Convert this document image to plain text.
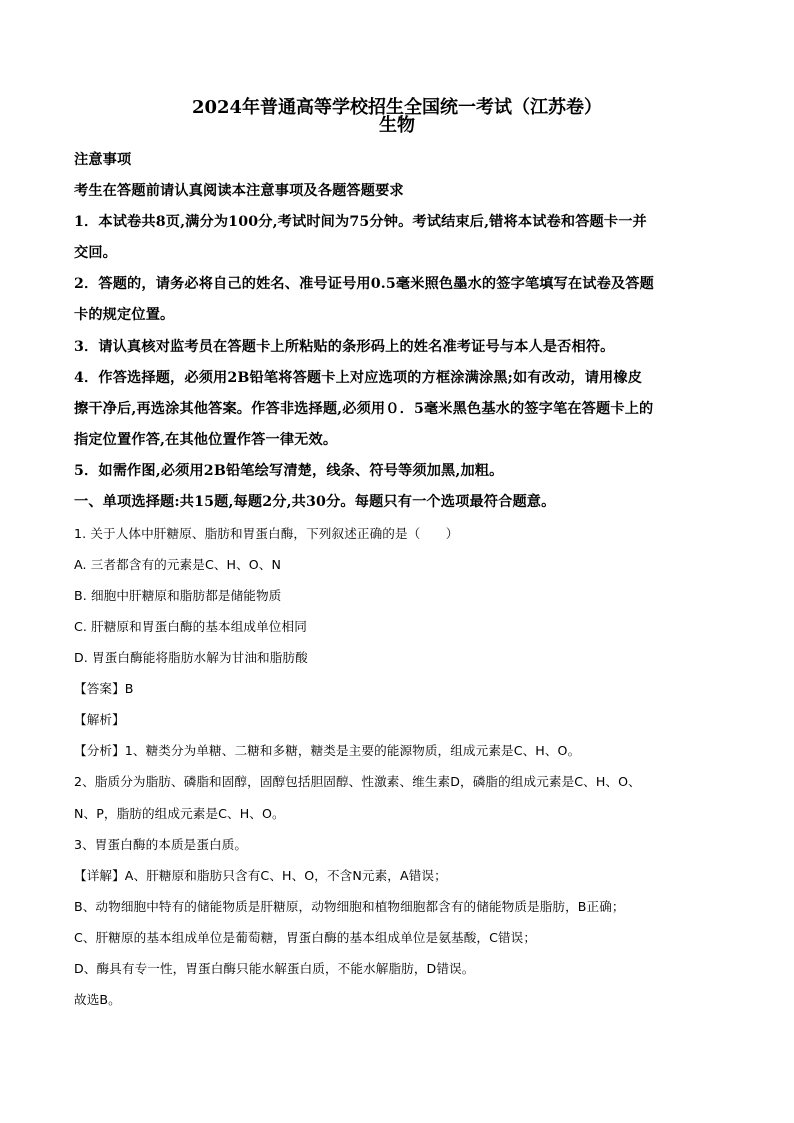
2024年普通高等学校招生全国统一考试（江苏卷）
生物
注意事项
考生在答题前请认真阅读本注意事项及各题答题要求
1．本试卷共8页,满分为100分,考试时间为75分钟。考试结束后,错将本试卷和答题卡一并
交回。
2．答题的，请务必将自己的姓名、准号证号用0.5毫米照色墨水的签字笔填写在试卷及答题
卡的规定位置。
3．请认真核对监考员在答题卡上所粘贴的条形码上的姓名准考证号与本人是否相符。
4．作答选择题，必须用2B铅笔将答题卡上对应选项的方框涂满涂黑;如有改动，请用橡皮
擦干净后,再选涂其他答案。作答非选择题,必须用０．5毫米黑色基水的签字笔在答题卡上的
指定位置作答,在其他位置作答一律无效。
5．如需作图,必须用2B铅笔绘写清楚，线条、符号等须加黑,加粗。
一、单项选择题:共15题,每题2分,共30分。每题只有一个选项最符合题意。
1. 关于人体中肝糖原、脂肪和胃蛋白酶，下列叙述正确的是（　　）
A. 三者都含有的元素是C、H、O、N
B. 细胞中肝糖原和脂肪都是储能物质
C. 肝糖原和胃蛋白酶的基本组成单位相同
D. 胃蛋白酶能将脂肪水解为甘油和脂肪酸
【答案】B
【解析】
【分析】1、糖类分为单糖、二糖和多糖，糖类是主要的能源物质，组成元素是C、H、O。
2、脂质分为脂肪、磷脂和固醇，固醇包括胆固醇、性激素、维生素D，磷脂的组成元素是C、H、O、
N、P，脂肪的组成元素是C、H、O。
3、胃蛋白酶的本质是蛋白质。
【详解】A、肝糖原和脂肪只含有C、H、O，不含N元素，A错误；
B、动物细胞中特有的储能物质是肝糖原，动物细胞和植物细胞都含有的储能物质是脂肪，B正确；
C、肝糖原的基本组成单位是葡萄糖，胃蛋白酶的基本组成单位是氨基酸，C错误；
D、酶具有专一性，胃蛋白酶只能水解蛋白质，不能水解脂肪，D错误。
故选B。
